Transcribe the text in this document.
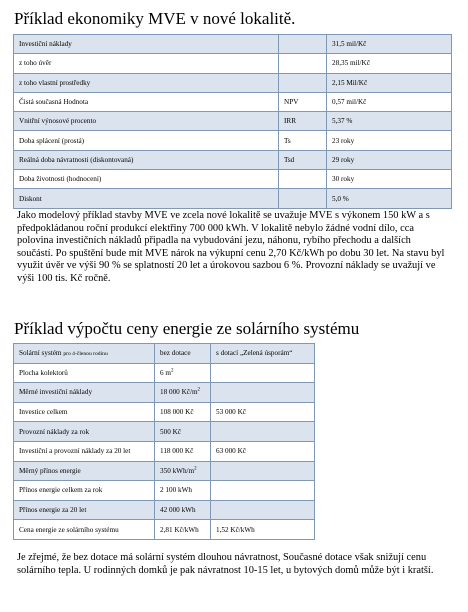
Příklad ekonomiky MVE v nové lokalitě.
Investiční náklady		31,5 mil/Kč
z toho úvěr		28,35 mil/Kč
z toho vlastní prostředky		2,15 Mil/Kč
Čistá současná Hodnota	NPV	0,57 mil/Kč
Vnitřní výnosové procento	IRR	5,37 %
Doba splácení (prostá)	Ts	23 roky
Reálná doba návratnosti (diskontovaná)	Tsd	29 roky
Doba životnosti (hodnocení)		30 roky
Diskont		5,0 %

Jako modelový příklad stavby MVE ve zcela nové lokalitě se uvažuje MVE s výkonem 150 kW a s předpokládanou roční produkcí elektřiny 700 000 kWh. V lokalitě nebylo žádné vodní dílo, cca polovina investičních nákladů připadla na vybudování jezu, náhonu, rybího přechodu a dalších součástí. Po spuštění bude mít MVE nárok na výkupní cenu 2,70 Kč/kWh po dobu 30 let. Na stavu byl využit úvěr ve výši 90 % se splatností 20 let a úrokovou sazbou 6 %. Provozní náklady se uvažují ve výši 100 tis. Kč ročně.

Příklad výpočtu ceny energie ze solárního systému
Solární systém pro 4-členou rodinu	bez dotace	s dotací „Zelená úsporám“
Plocha kolektorů	6 $m^2$	
Měrné investiční náklady	18 000 $Kč/m^2$	
Investice celkem	108 000 Kč	53 000 Kč
Provozní náklady za rok	500 Kč	
Investiční a provozní náklady za 20 let	118 000 Kč	63 000 Kč
Měrný přínos energie	350 kWh/$m^2$	
Přínos energie celkem za rok	2 100 kWh	
Přínos energie za 20 let	42 000 kWh	
Cena energie ze solárního systému	2,81 Kč/kWh	1,52 Kč/kWh

Je zřejmé, že bez dotace má solární systém dlouhou návratnost, Současné dotace však snižují cenu solárního tepla. U rodinných domků je pak návratnost 10-15 let, u bytových domů může být i kratší.
